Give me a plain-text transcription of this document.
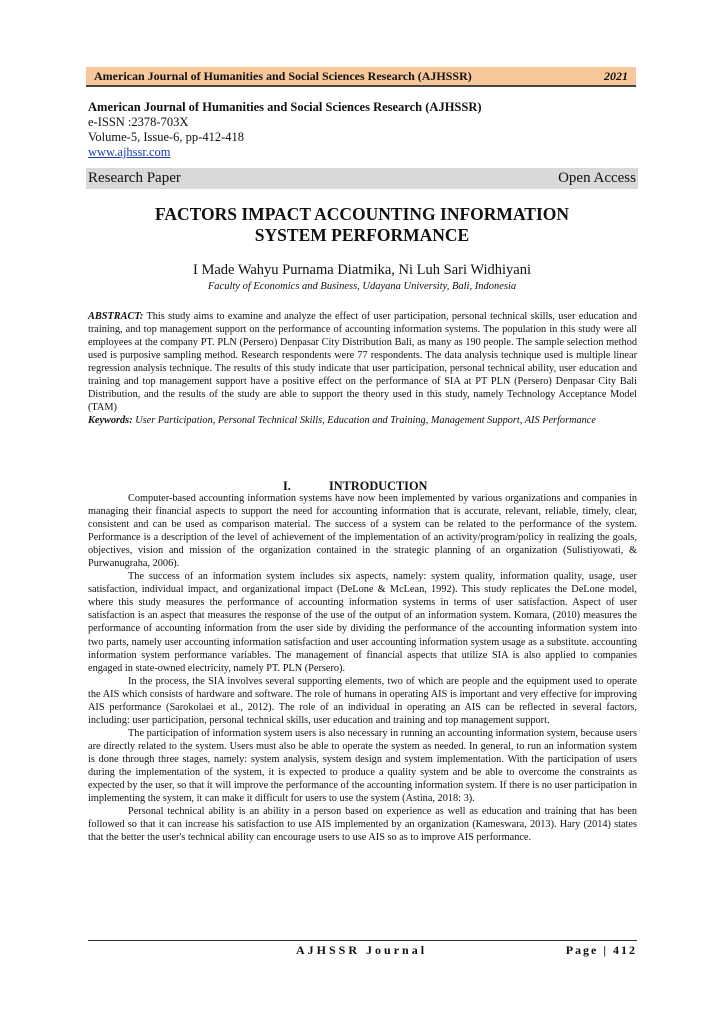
American Journal of Humanities and Social Sciences Research (AJHSSR)	2021
American Journal of Humanities and Social Sciences Research (AJHSSR)
e-ISSN :2378-703X
Volume-5, Issue-6, pp-412-418
www.ajhssr.com
Research Paper	Open Access
FACTORS IMPACT ACCOUNTING INFORMATION
SYSTEM PERFORMANCE
I Made Wahyu Purnama Diatmika, Ni Luh Sari Widhiyani
Faculty of Economics and Business, Udayana University, Bali, Indonesia
ABSTRACT: This study aims to examine and analyze the effect of user participation, personal technical skills, user education and training, and top management support on the performance of accounting information systems. The population in this study were all employees at the company PT. PLN (Persero) Denpasar City Distribution Bali, as many as 190 people. The sample selection method used is purposive sampling method. Research respondents were 77 respondents. The data analysis technique used is multiple linear regression analysis technique. The results of this study indicate that user participation, personal technical ability, user education and training and top management support have a positive effect on the performance of SIA at PT PLN (Persero) Denpasar City Bali Distribution, and the results of the study are able to support the theory used in this study, namely Technology Acceptance Model (TAM)
Keywords: User Participation, Personal Technical Skills, Education and Training, Management Support, AIS Performance
I.	INTRODUCTION

Computer-based accounting information systems have now been implemented by various organizations and companies in managing their financial aspects to support the need for accounting information that is accurate, relevant, reliable, timely, clear, consistent and can be used as comparison material. The success of a system can be related to the performance of the system. Performance is a description of the level of achievement of the implementation of an activity/program/policy in realizing the goals, objectives, vision and mission of the organization contained in the strategic planning of an organization (Sulistiyowati, & Purwanugraha, 2006).

The success of an information system includes six aspects, namely: system quality, information quality, usage, user satisfaction, individual impact, and organizational impact (DeLone & McLean, 1992). This study replicates the DeLone model, where this study measures the performance of accounting information systems in terms of user satisfaction. Aspect of user satisfaction is an aspect that measures the response of the use of the output of an information system. Komara, (2010) measures the performance of accounting information from the user side by dividing the performance of the accounting information system into two parts, namely user accounting information satisfaction and user accounting information system usage as a substitute. accounting information system performance variables. The management of financial aspects that utilize SIA is also applied to companies engaged in state-owned electricity, namely PT. PLN (Persero).

In the process, the SIA involves several supporting elements, two of which are people and the equipment used to operate the AIS which consists of hardware and software. The role of humans in operating AIS is important and very effective for improving AIS performance (Sarokolaei et al., 2012). The role of an individual in operating an AIS can be reflected in several factors, including: user participation, personal technical skills, user education and training and top management support.

The participation of information system users is also necessary in running an accounting information system, because users are directly related to the system. Users must also be able to operate the system as needed. In general, to run an information system is done through three stages, namely: system analysis, system design and system implementation. With the participation of users during the implementation of the system, it is expected to produce a quality system and be able to overcome the constraints as expected by the user, so that it will improve the performance of the accounting information system. If there is no user participation in implementing the system, it can make it difficult for users to use the system (Astina, 2018: 3).

Personal technical ability is an ability in a person based on experience as well as education and training that has been followed so that it can increase his satisfaction to use AIS implemented by an organization (Kameswara, 2013). Hary (2014) states that the better the user's technical ability can encourage users to use AIS so as to improve AIS performance.

AJHSSR Journal	Page | 412
